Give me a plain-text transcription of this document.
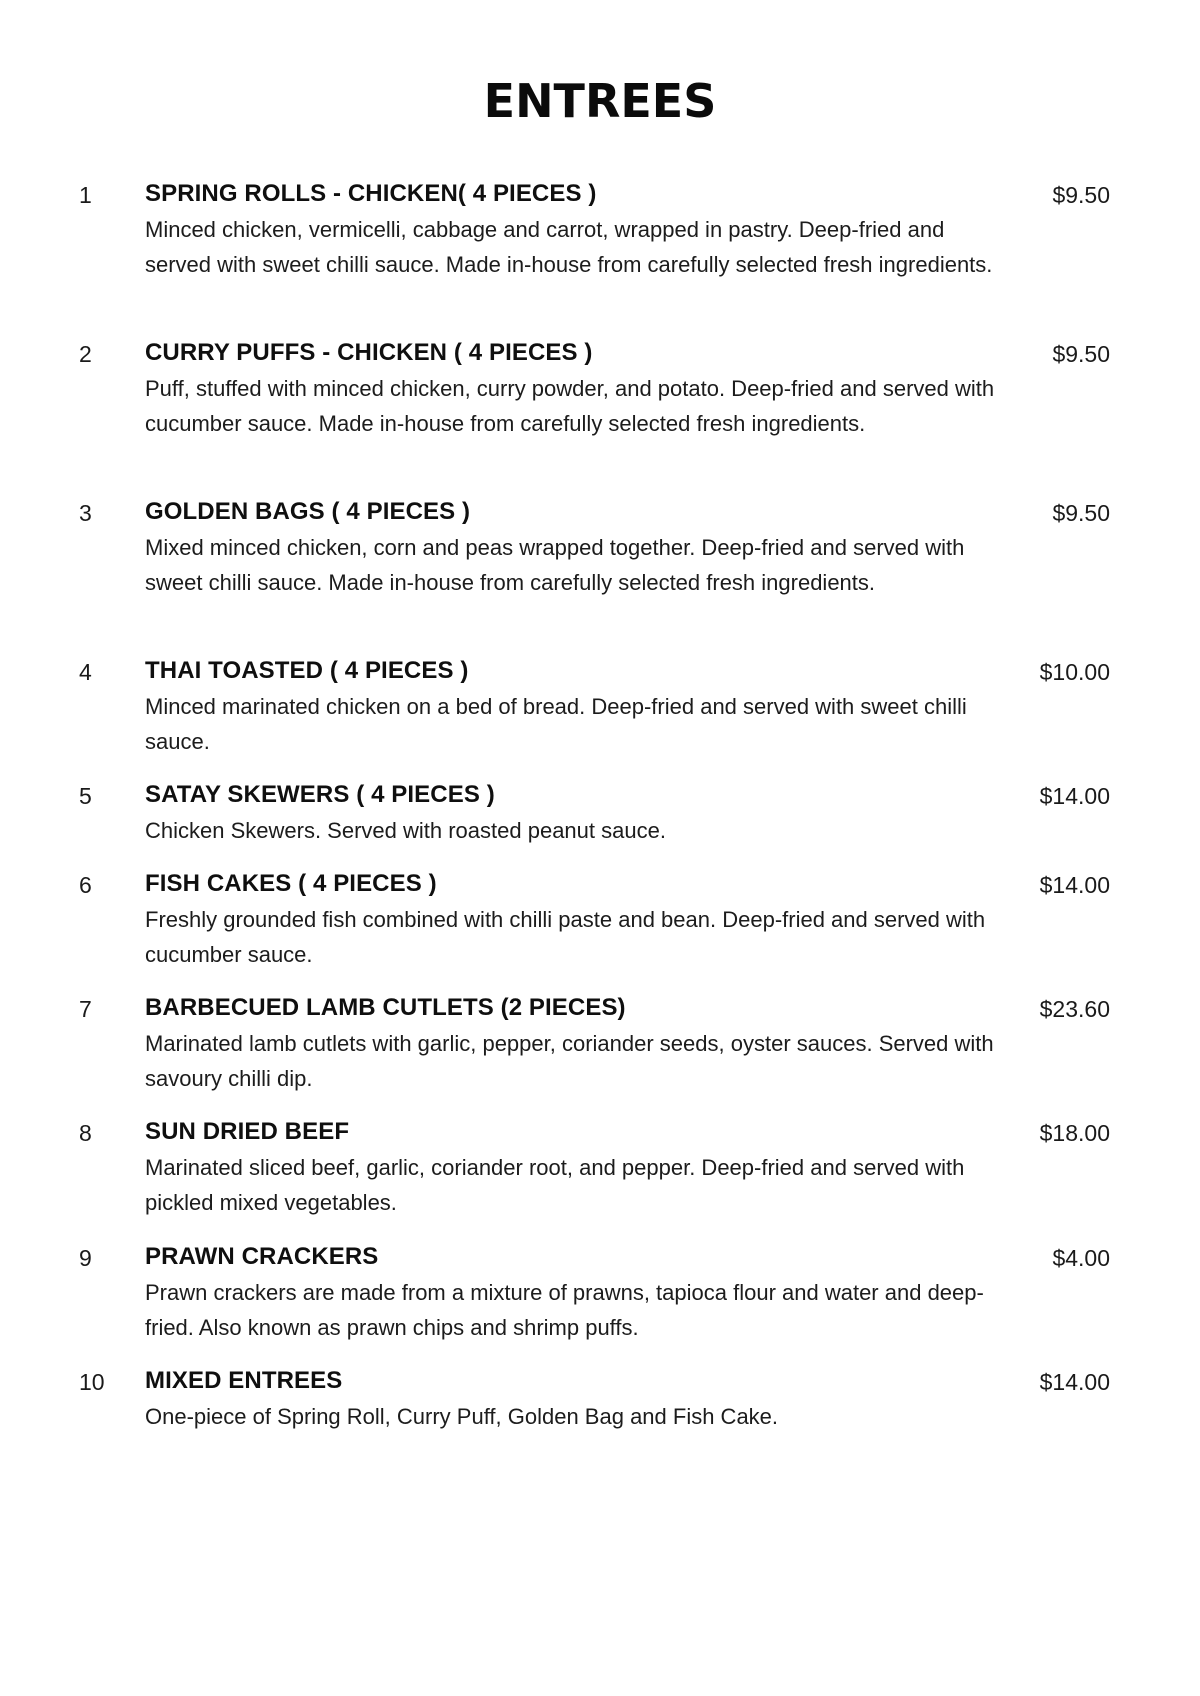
ENTREES
1 SPRING ROLLS - CHICKEN( 4 PIECES )
Minced chicken, vermicelli, cabbage and carrot, wrapped in pastry. Deep-fried and served with sweet chilli sauce. Made in-house from carefully selected fresh ingredients.
$9.50
2 CURRY PUFFS - CHICKEN ( 4 PIECES )
Puff, stuffed with minced chicken, curry powder, and potato. Deep-fried and served with cucumber sauce. Made in-house from carefully selected fresh ingredients.
$9.50
3 GOLDEN BAGS ( 4 PIECES )
Mixed minced chicken, corn and peas wrapped together. Deep-fried and served with sweet chilli sauce. Made in-house from carefully selected fresh ingredients.
$9.50
4 THAI TOASTED ( 4 PIECES )
Minced marinated chicken on a bed of bread. Deep-fried and served with sweet chilli sauce.
$10.00
5 SATAY SKEWERS ( 4 PIECES )
Chicken Skewers. Served with roasted peanut sauce.
$14.00
6 FISH CAKES ( 4 PIECES )
Freshly grounded fish combined with chilli paste and bean. Deep-fried and served with cucumber sauce.
$14.00
7 BARBECUED LAMB CUTLETS (2 PIECES)
Marinated lamb cutlets with garlic, pepper, coriander seeds, oyster sauces. Served with savoury chilli dip.
$23.60
8 SUN DRIED BEEF
Marinated sliced beef, garlic, coriander root, and pepper. Deep-fried and served with pickled mixed vegetables.
$18.00
9 PRAWN CRACKERS
Prawn crackers are made from a mixture of prawns, tapioca flour and water and deep-fried. Also known as prawn chips and shrimp puffs.
$4.00
10 MIXED ENTREES
One-piece of Spring Roll, Curry Puff, Golden Bag and Fish Cake.
$14.00
